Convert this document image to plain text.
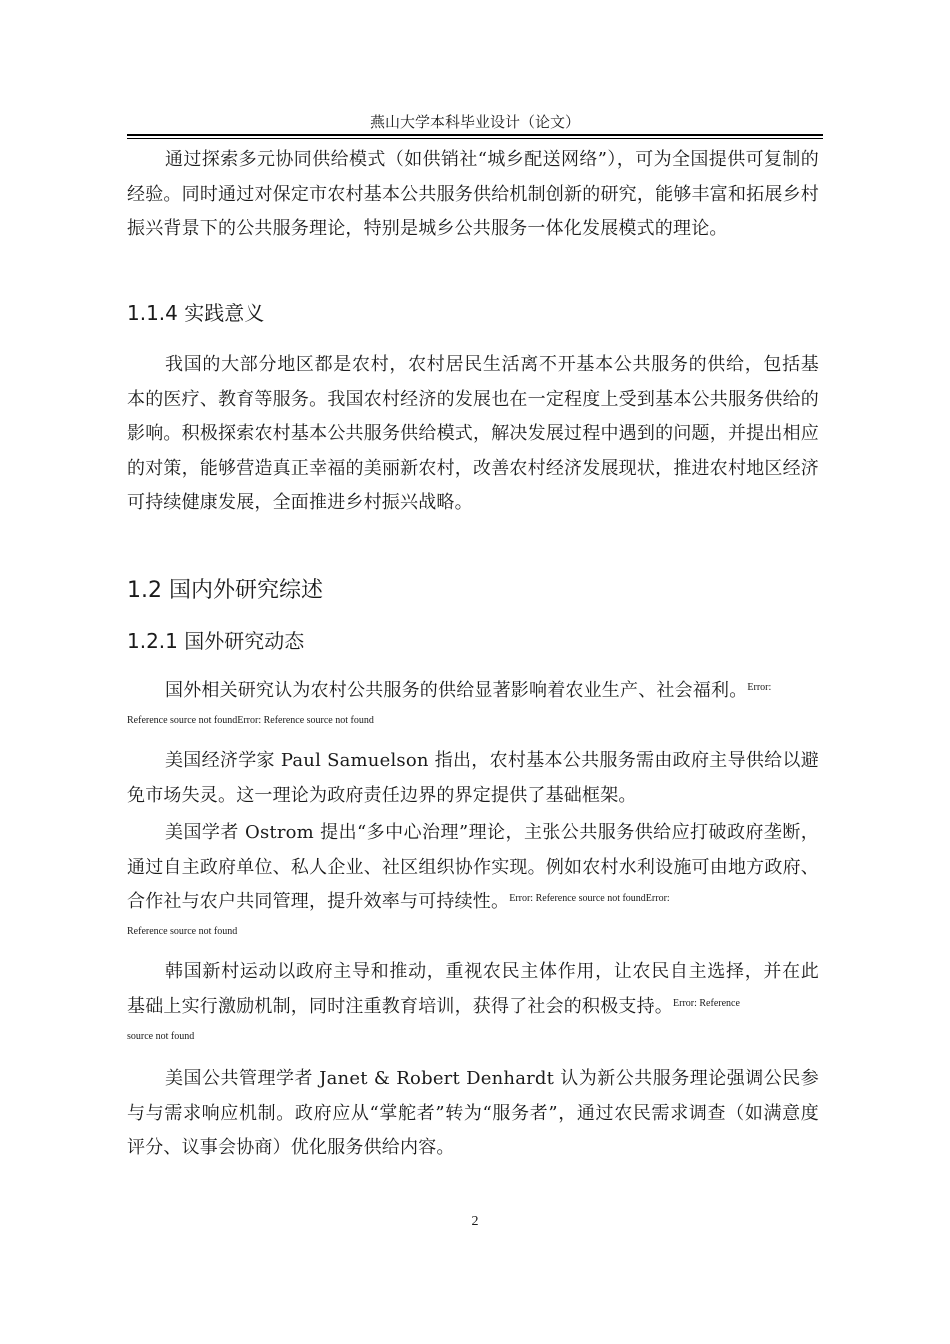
燕山大学本科毕业设计（论文）

通过探索多元协同供给模式（如供销社“城乡配送网络”），可为全国提供可复制的经验。同时通过对保定市农村基本公共服务供给机制创新的研究，能够丰富和拓展乡村振兴背景下的公共服务理论，特别是城乡公共服务一体化发展模式的理论。

1.1.4 实践意义

我国的大部分地区都是农村，农村居民生活离不开基本公共服务的供给，包括基本的医疗、教育等服务。我国农村经济的发展也在一定程度上受到基本公共服务供给的影响。积极探索农村基本公共服务供给模式，解决发展过程中遇到的问题，并提出相应的对策，能够营造真正幸福的美丽新农村，改善农村经济发展现状，推进农村地区经济可持续健康发展，全面推进乡村振兴战略。

1.2 国内外研究综述
1.2.1 国外研究动态

国外相关研究认为农村公共服务的供给显著影响着农业生产、社会福利。$^{Error:}$

Reference source not foundError: Reference source not found

美国经济学家 Paul Samuelson 指出，农村基本公共服务需由政府主导供给以避免市场失灵。这一理论为政府责任边界的界定提供了基础框架。

美国学者 Ostrom 提出“多中心治理”理论，主张公共服务供给应打破政府垄断，通过自主政府单位、私人企业、社区组织协作实现。例如农村水利设施可由地方政府、合作社与农户共同管理，提升效率与可持续性。$^{Error: Reference source not foundError:}$

Reference source not found

韩国新村运动以政府主导和推动，重视农民主体作用，让农民自主选择，并在此基础上实行激励机制，同时注重教育培训，获得了社会的积极支持。$^{Error: Reference}$

source not found

美国公共管理学者 Janet & Robert Denhardt 认为新公共服务理论强调公民参与与需求响应机制。政府应从“掌舵者”转为“服务者”，通过农民需求调查（如满意度评分、议事会协商）优化服务供给内容。

2
